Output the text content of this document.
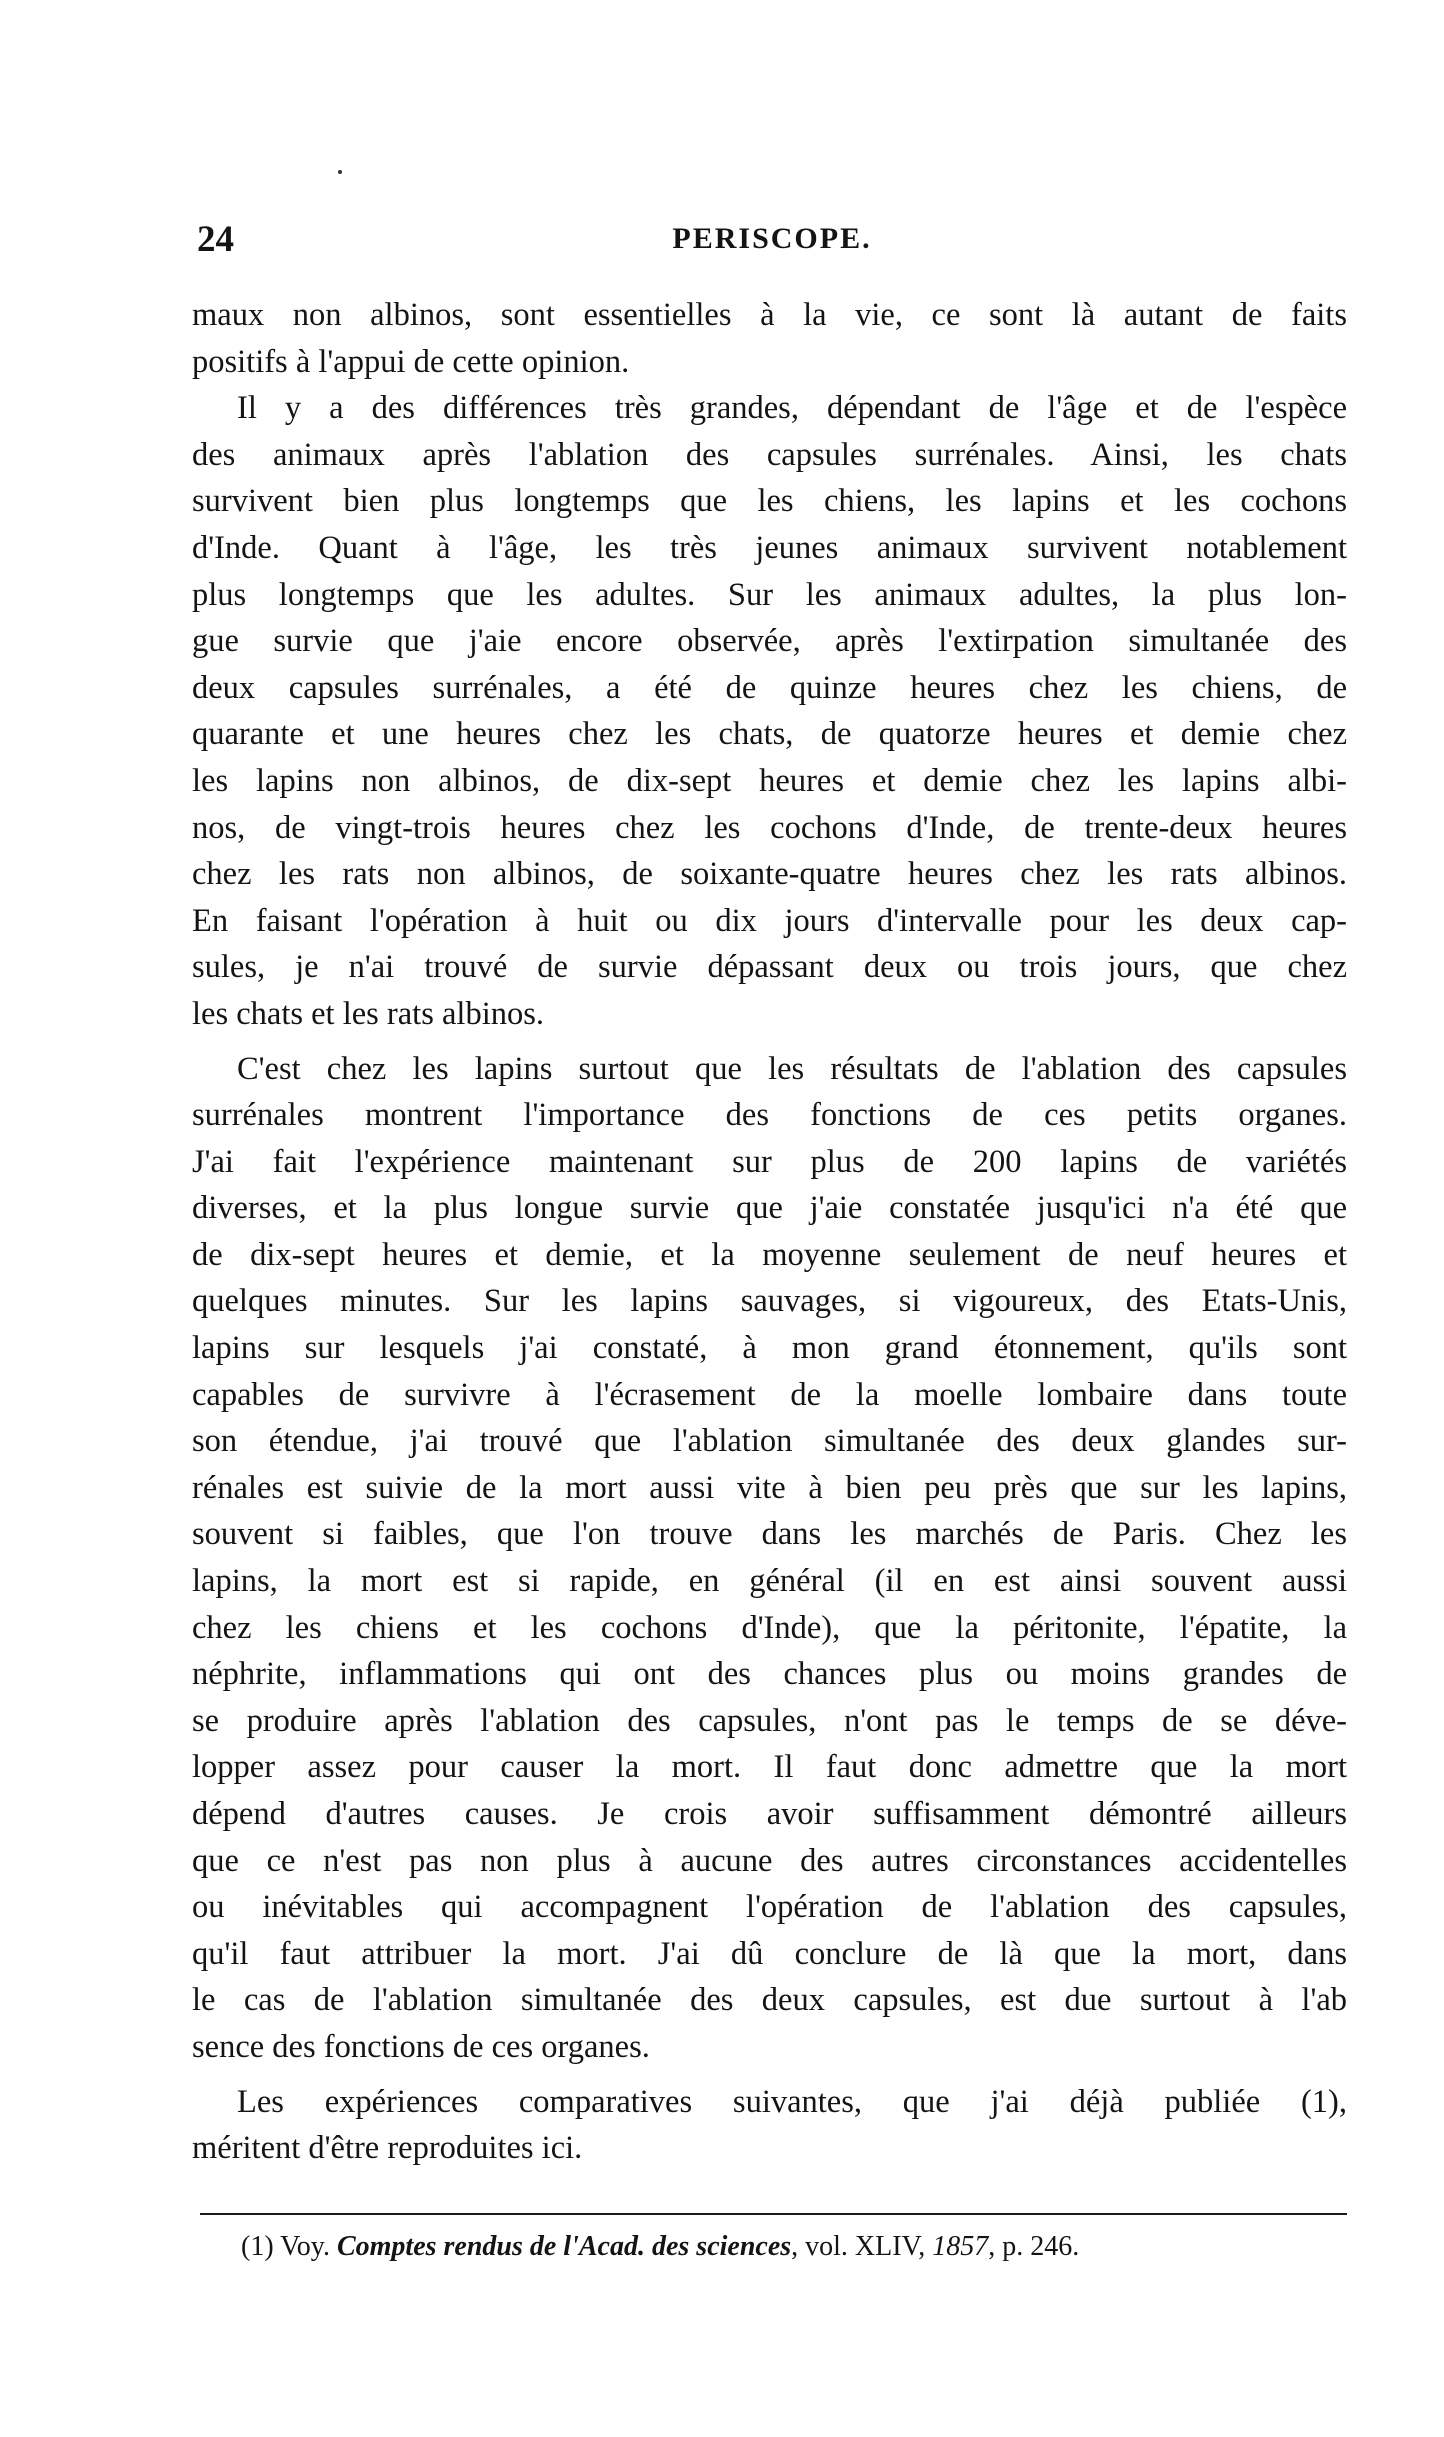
24	PERISCOPE.

maux non albinos, sont essentielles à la vie, ce sont là autant de faits
positifs à l'appui de cette opinion.

Il y a des différences très grandes, dépendant de l'âge et de l'espèce
des animaux après l'ablation des capsules surrénales. Ainsi, les chats
survivent bien plus longtemps que les chiens, les lapins et les cochons
d'Inde. Quant à l'âge, les très jeunes animaux survivent notablement
plus longtemps que les adultes. Sur les animaux adultes, la plus lon-
gue survie que j'aie encore observée, après l'extirpation simultanée des
deux capsules surrénales, a été de quinze heures chez les chiens, de
quarante et une heures chez les chats, de quatorze heures et demie chez
les lapins non albinos, de dix-sept heures et demie chez les lapins albi-
nos, de vingt-trois heures chez les cochons d'Inde, de trente-deux heures
chez les rats non albinos, de soixante-quatre heures chez les rats albinos.
En faisant l'opération à huit ou dix jours d'intervalle pour les deux cap-
sules, je n'ai trouvé de survie dépassant deux ou trois jours, que chez
les chats et les rats albinos.

C'est chez les lapins surtout que les résultats de l'ablation des capsules
surrénales montrent l'importance des fonctions de ces petits organes.
J'ai fait l'expérience maintenant sur plus de 200 lapins de variétés
diverses, et la plus longue survie que j'aie constatée jusqu'ici n'a été que
de dix-sept heures et demie, et la moyenne seulement de neuf heures et
quelques minutes. Sur les lapins sauvages, si vigoureux, des Etats-Unis,
lapins sur lesquels j'ai constaté, à mon grand étonnement, qu'ils sont
capables de survivre à l'écrasement de la moelle lombaire dans toute
son étendue, j'ai trouvé que l'ablation simultanée des deux glandes sur-
rénales est suivie de la mort aussi vite à bien peu près que sur les lapins,
souvent si faibles, que l'on trouve dans les marchés de Paris. Chez les
lapins, la mort est si rapide, en général (il en est ainsi souvent aussi
chez les chiens et les cochons d'Inde), que la péritonite, l'épatite, la
néphrite, inflammations qui ont des chances plus ou moins grandes de
se produire après l'ablation des capsules, n'ont pas le temps de se déve-
lopper assez pour causer la mort. Il faut donc admettre que la mort
dépend d'autres causes. Je crois avoir suffisamment démontré ailleurs
que ce n'est pas non plus à aucune des autres circonstances accidentelles
ou inévitables qui accompagnent l'opération de l'ablation des capsules,
qu'il faut attribuer la mort. J'ai dû conclure de là que la mort, dans
le cas de l'ablation simultanée des deux capsules, est due surtout à l'ab
sence des fonctions de ces organes.

Les expériences comparatives suivantes, que j'ai déjà publiée (1),
méritent d'être reproduites ici.

(1) Voy. Comptes rendus de l'Acad. des sciences, vol. XLIV, 1857, p. 246.
